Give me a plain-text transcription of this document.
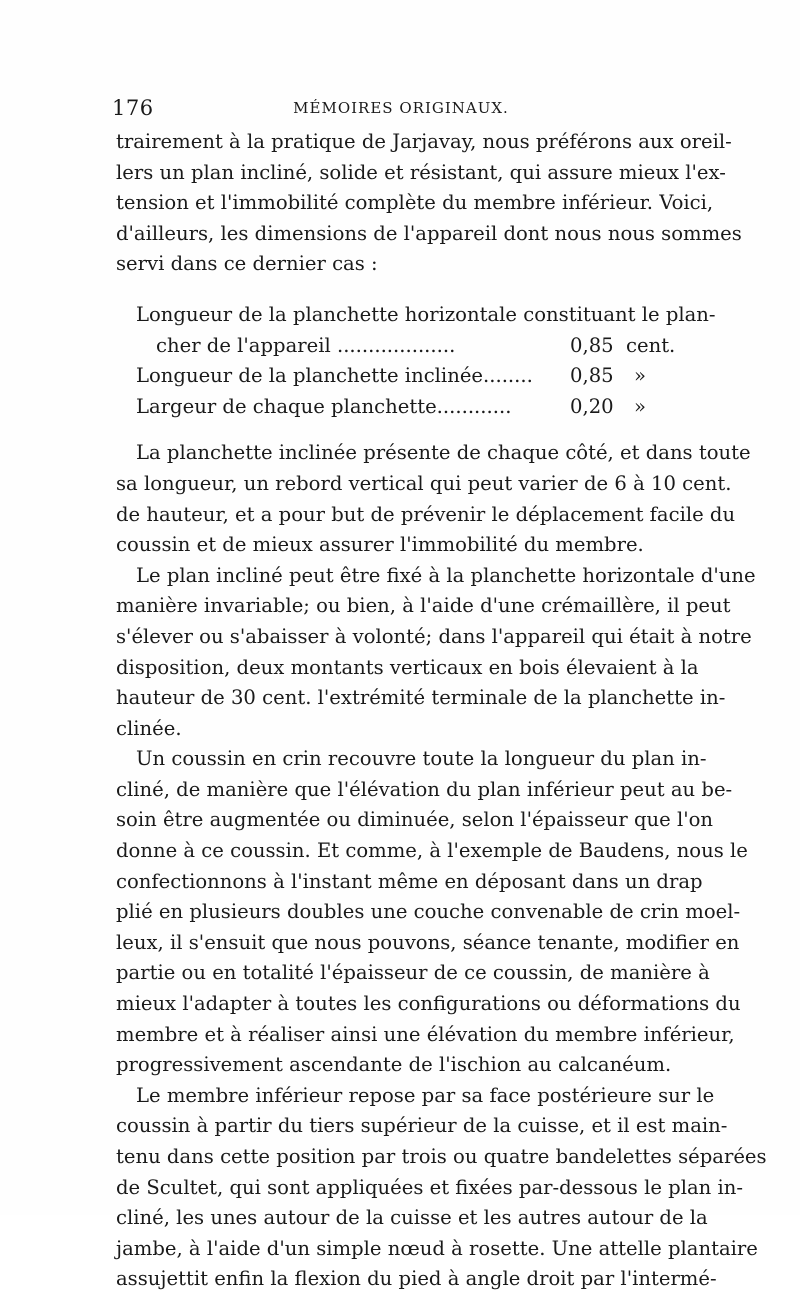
176	MÉMOIRES ORIGINAUX.
trairement à la pratique de Jarjavay, nous préférons aux oreil-
lers un plan incliné, solide et résistant, qui assure mieux l'ex-
tension et l'immobilité complète du membre inférieur. Voici,
d'ailleurs, les dimensions de l'appareil dont nous nous sommes
servi dans ce dernier cas :
Longueur de la planchette horizontale constituant le plan-
cher de l'appareil ...................	0,85 cent.
Longueur de la planchette inclinée........ 0,85 »
Largeur de chaque planchette............	0,20 »
La planchette inclinée présente de chaque côté, et dans toute
sa longueur, un rebord vertical qui peut varier de 6 à 10 cent.
de hauteur, et a pour but de prévenir le déplacement facile du
coussin et de mieux assurer l'immobilité du membre.
Le plan incliné peut être fixé à la planchette horizontale d'une
manière invariable; ou bien, à l'aide d'une crémaillère, il peut
s'élever ou s'abaisser à volonté; dans l'appareil qui était à notre
disposition, deux montants verticaux en bois élevaient à la
hauteur de 30 cent. l'extrémité terminale de la planchette in-
clinée.
Un coussin en crin recouvre toute la longueur du plan in-
cliné, de manière que l'élévation du plan inférieur peut au be-
soin être augmentée ou diminuée, selon l'épaisseur que l'on
donne à ce coussin. Et comme, à l'exemple de Baudens, nous le
confectionnons à l'instant même en déposant dans un drap
plié en plusieurs doubles une couche convenable de crin moel-
leux, il s'ensuit que nous pouvons, séance tenante, modifier en
partie ou en totalité l'épaisseur de ce coussin, de manière à
mieux l'adapter à toutes les configurations ou déformations du
membre et à réaliser ainsi une élévation du membre inférieur,
progressivement ascendante de l'ischion au calcanéum.
Le membre inférieur repose par sa face postérieure sur le
coussin à partir du tiers supérieur de la cuisse, et il est main-
tenu dans cette position par trois ou quatre bandelettes séparées
de Scultet, qui sont appliquées et fixées par-dessous le plan in-
cliné, les unes autour de la cuisse et les autres autour de la
jambe, à l'aide d'un simple nœud à rosette. Une attelle plantaire
assujettit enfin la flexion du pied à angle droit par l'intermé-
